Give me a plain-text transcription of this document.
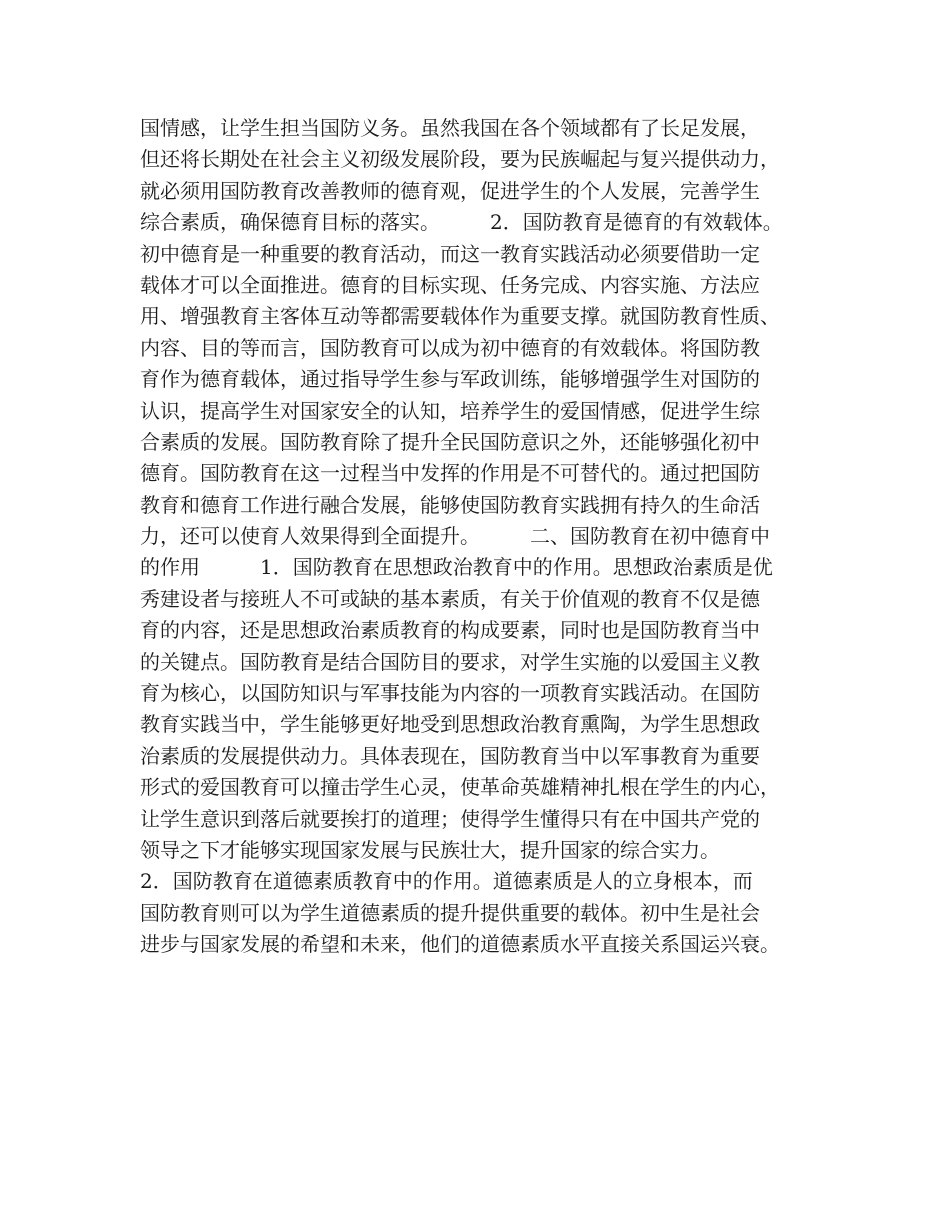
国情感，让学生担当国防义务。虽然我国在各个领域都有了长足发展，
但还将长期处在社会主义初级发展阶段，要为民族崛起与复兴提供动力，
就必须用国防教育改善教师的德育观，促进学生的个人发展，完善学生
综合素质，确保德育目标的落实。　　　2．国防教育是德育的有效载体。
初中德育是一种重要的教育活动，而这一教育实践活动必须要借助一定
载体才可以全面推进。德育的目标实现、任务完成、内容实施、方法应
用、增强教育主客体互动等都需要载体作为重要支撑。就国防教育性质、
内容、目的等而言，国防教育可以成为初中德育的有效载体。将国防教
育作为德育载体，通过指导学生参与军政训练，能够增强学生对国防的
认识，提高学生对国家安全的认知，培养学生的爱国情感，促进学生综
合素质的发展。国防教育除了提升全民国防意识之外，还能够强化初中
德育。国防教育在这一过程当中发挥的作用是不可替代的。通过把国防
教育和德育工作进行融合发展，能够使国防教育实践拥有持久的生命活
力，还可以使育人效果得到全面提升。　　　二、国防教育在初中德育中
的作用　　　1．国防教育在思想政治教育中的作用。思想政治素质是优
秀建设者与接班人不可或缺的基本素质，有关于价值观的教育不仅是德
育的内容，还是思想政治素质教育的构成要素，同时也是国防教育当中
的关键点。国防教育是结合国防目的要求，对学生实施的以爱国主义教
育为核心，以国防知识与军事技能为内容的一项教育实践活动。在国防
教育实践当中，学生能够更好地受到思想政治教育熏陶，为学生思想政
治素质的发展提供动力。具体表现在，国防教育当中以军事教育为重要
形式的爱国教育可以撞击学生心灵，使革命英雄精神扎根在学生的内心，
让学生意识到落后就要挨打的道理；使得学生懂得只有在中国共产党的
领导之下才能够实现国家发展与民族壮大，提升国家的综合实力。
2．国防教育在道德素质教育中的作用。道德素质是人的立身根本，而
国防教育则可以为学生道德素质的提升提供重要的载体。初中生是社会
进步与国家发展的希望和未来，他们的道德素质水平直接关系国运兴衰。
